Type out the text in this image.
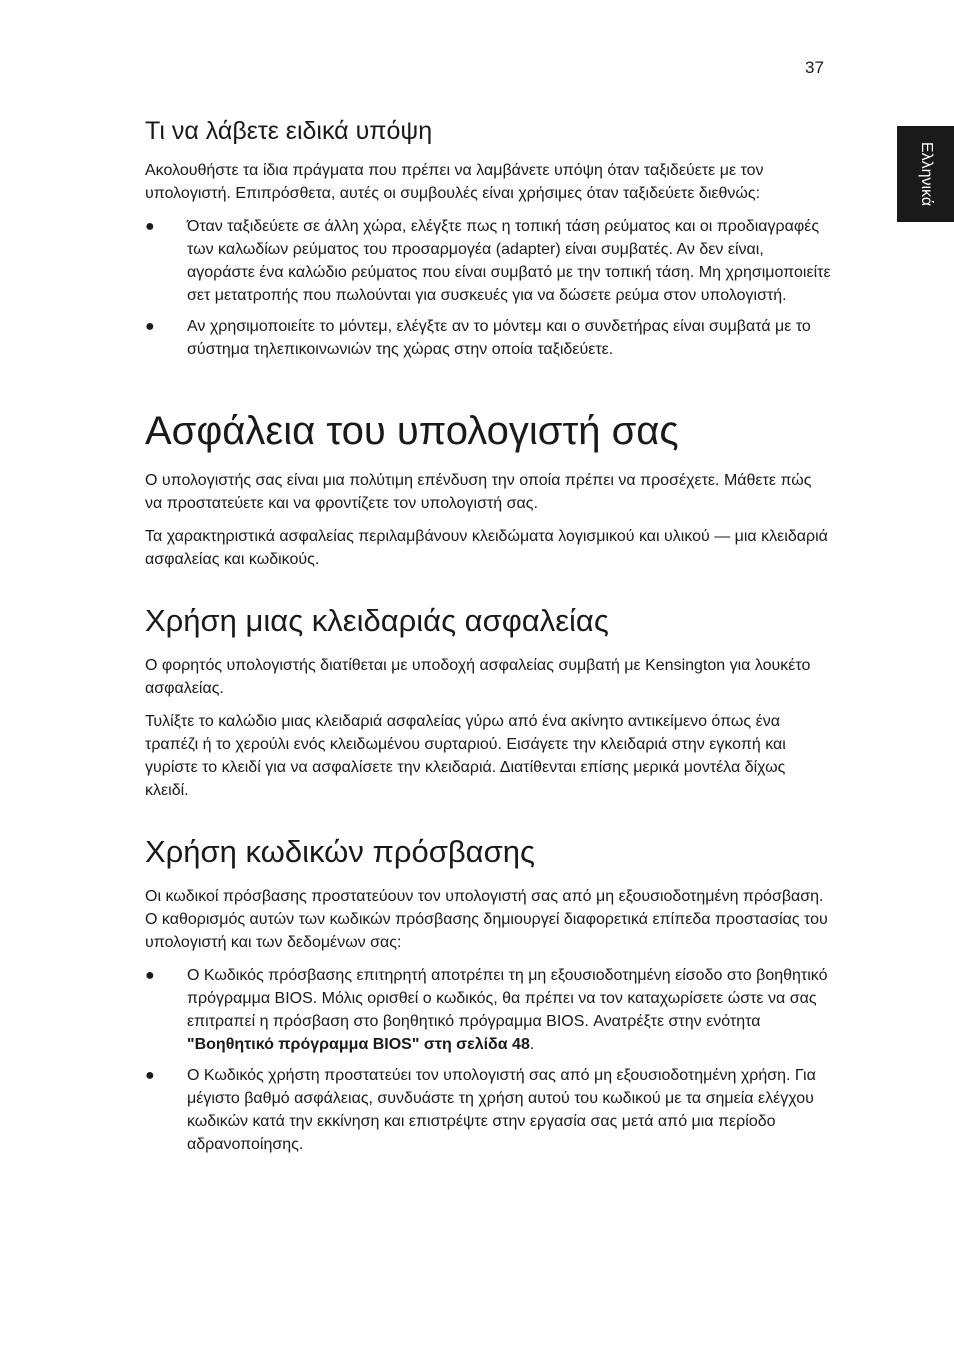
37
Ελληνικά
Τι να λάβετε ειδικά υπόψη

Ακολουθήστε τα ίδια πράγματα που πρέπει να λαμβάνετε υπόψη όταν ταξιδεύετε με τον υπολογιστή. Επιπρόσθετα, αυτές οι συμβουλές είναι χρήσιμες όταν ταξιδεύετε διεθνώς:

● Όταν ταξιδεύετε σε άλλη χώρα, ελέγξτε πως η τοπική τάση ρεύματος και οι προδιαγραφές των καλωδίων ρεύματος του προσαρμογέα (adapter) είναι συμβατές. Αν δεν είναι, αγοράστε ένα καλώδιο ρεύματος που είναι συμβατό με την τοπική τάση. Μη χρησιμοποιείτε σετ μετατροπής που πωλούνται για συσκευές για να δώσετε ρεύμα στον υπολογιστή.
● Αν χρησιμοποιείτε το μόντεμ, ελέγξτε αν το μόντεμ και ο συνδετήρας είναι συμβατά με το σύστημα τηλεπικοινωνιών της χώρας στην οποία ταξιδεύετε.
Ασφάλεια του υπολογιστή σας

Ο υπολογιστής σας είναι μια πολύτιμη επένδυση την οποία πρέπει να προσέχετε. Μάθετε πώς να προστατεύετε και να φροντίζετε τον υπολογιστή σας.

Τα χαρακτηριστικά ασφαλείας περιλαμβάνουν κλειδώματα λογισμικού και υλικού — μια κλειδαριά ασφαλείας και κωδικούς.

Χρήση μιας κλειδαριάς ασφαλείας

Ο φορητός υπολογιστής διατίθεται με υποδοχή ασφαλείας συμβατή με Kensington για λουκέτο ασφαλείας.

Τυλίξτε το καλώδιο μιας κλειδαριά ασφαλείας γύρω από ένα ακίνητο αντικείμενο όπως ένα τραπέζι ή το χερούλι ενός κλειδωμένου συρταριού. Εισάγετε την κλειδαριά στην εγκοπή και γυρίστε το κλειδί για να ασφαλίσετε την κλειδαριά. Διατίθενται επίσης μερικά μοντέλα δίχως κλειδί.

Χρήση κωδικών πρόσβασης

Οι κωδικοί πρόσβασης προστατεύουν τον υπολογιστή σας από μη εξουσιοδοτημένη πρόσβαση. Ο καθορισμός αυτών των κωδικών πρόσβασης δημιουργεί διαφορετικά επίπεδα προστασίας του υπολογιστή και των δεδομένων σας:

● Ο Κωδικός πρόσβασης επιτηρητή αποτρέπει τη μη εξουσιοδοτημένη είσοδο στο βοηθητικό πρόγραμμα BIOS. Μόλις ορισθεί ο κωδικός, θα πρέπει να τον καταχωρίσετε ώστε να σας επιτραπεί η πρόσβαση στο βοηθητικό πρόγραμμα BIOS. Ανατρέξτε στην ενότητα "Βοηθητικό πρόγραμμα BIOS" στη σελίδα 48.
● Ο Κωδικός χρήστη προστατεύει τον υπολογιστή σας από μη εξουσιοδοτημένη χρήση. Για μέγιστο βαθμό ασφάλειας, συνδυάστε τη χρήση αυτού του κωδικού με τα σημεία ελέγχου κωδικών κατά την εκκίνηση και επιστρέψτε στην εργασία σας μετά από μια περίοδο αδρανοποίησης.
